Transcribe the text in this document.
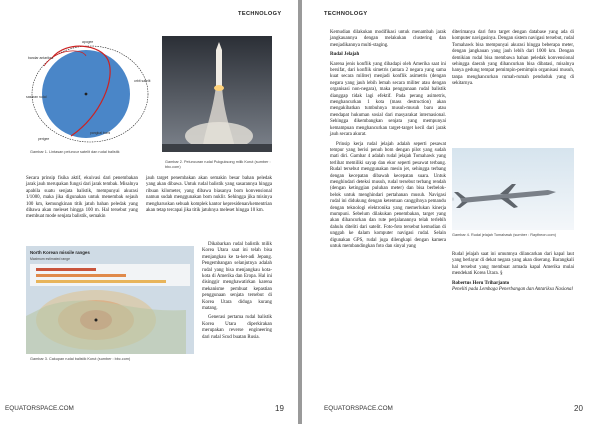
TECHNOLOGY
apogee
bandar antariksa
orbit satelit
sasaran rudal
perigee
pangkal bumi
Gambar 1. Lintasan peluncur satelit dan rudal balistik
Gambar 2. Peluncuran rudal Pukguksong milik Korut (sumber : bbc.com)

Secara prinsip fisika aktif, ekuivasi dari penembakan jarak jauh merupakan fungsi dari jarak tembak. Misalnya apabila suatu senjata balistik, mempunyai akurasi 1/1000, maka jika digunakan untuk menembak sejauh 100 km, kemungkinan titik jatuh bahan peledak yang dibawa akan meleset hingga 100 m. Hal tersebut yang membuat mode senjata balistik, semakin

jauh target penembakan akan semakin besar bahan peledak yang akan dibawa. Untuk rudal balistik yang sasarannya hingga ribuan kilometer, yang dibawa biasanya bom konvensional namun sudah menggunakan bom nuklir. Sehingga jika misinya mengharuskan sebuah komplek kantor kepresidenan/kementrian akan tetap tercapai jika titik jatuhnya meleset hingga 10 km.

Dikabarkan rudal balistik milik Korea Utara saat ini telah bisa menjangkau ke ta-ket-adi Jepang. Pengembangan selanjutnya adalah rudal yang bisa menjangkau kota-kota di Amerika dan Eropa. Hal ini disinggir menghawatirkan karena mekanisme pembuat kepastian penggunaan senjata tersebut di Korea Utara diduga kurang matang.

Generasi pertama rudal balistik Korea Utara diperkirakan merupakan reverse engineering dari rudal Scud buatan Rusia.

North Korean missile ranges
Maximum estimated range
Gambar 3. Cakupan rudal balistik Korut (sumber : bbc.com)
EQUATORSPACE.COM	19
TECHNOLOGY

Kemudian dilakukan modifikasi untuk menambah jarak jangkauannya dengan melakukan clustering dan menjadikannya multi-staging.

Rudal Jelajah

Karena jenis konflik yang dihadapi oleh Amerika saat ini bersifat, dari konflik simetris (antara 2 negara yang sama kuat secara militer) menjadi konflik asimetris (dengan negara yang jauh lebih lemah secara militer atau dengan organisasi non-negara), maka penggunaan rudal balistik dianggap tidak lagi efektif. Pada perang asimetris, menghancurkan 1 kota (mass destruction) akan mengakibatkan tumbuhnya musuh-musuh baru atau mendapat hukuman sosial dari masyarakat internasional. Sehingga dikembangkan senjata yang mempunyai kemampuan menghancurkan target-target kecil dari jarak jauh secara akurat.

Prinsip kerja rudal jelajah adalah seperti pesawat tempur yang berisi penuh bom dengan pilot yang sudah mati diri. Gambar 4 adalah rudal jelajah Tomahawk yang terlihat memiliki sayap dan ekor seperti pesawat terbang. Rudal tersebut menggunakan mesin jet, sehingga terbang dengan kecepatan dibawah kecepatan suara. Untuk menghindari deteksi musuh, rudal tersebut terbang rendah (dengan ketinggian puluhan meter) dan bisa berbelok-belok untuk menghindari pertahanan musuh. Navigasi rudal ini didukung dengan ketentuan canggihnya pemandu dengan teknologi elektronika yang memerlukan kinerja mumpuni. Sebelum dilakukan penembakan, target yang akan dihancurkan dan rute perjalanannya telah terlebih dahulu diteliti dari satelit. Foto-foto tersebut kemudian di unggah ke dalam komputer navigasi rudal. Selain digunakan GPS, rudal juga dilengkapi dengan kamera untuk membandingkan foto dan sinyal yang

diterimanya dari foto target dengan database yang ada di komputer navigasinya. Dengan sistem navigasi tersebut, rudal Tomahawk bisa mempunyai akurasi hingga beberapa meter, dengan jangkauan yang jauh lebih dari 1000 km. Dengan demikian rudal bisa membawa bahan peledak konvensional sehingga daerah yang dihancurkan bisa dibatasi, misalnya hanya gedung tempat pemimpin-pemimpin organisasi musuh, tanpa menghancurkan rumah-rumah penduduk yang di sekitarnya.

Gambar 4. Rudal jelajah Tomahawk (sumber : Raytheon.com)

Rudal jelajah saat ini umumnya dilancarkan dari kapal laut yang berlayar di dekat negara yang akan diserang. Barangkali hal tersebut yang membuat armada kapal Amerika mulai mendekati Korea Utara. §

Robertus Heru Triharjanto

Peneliti pada Lembaga Penerbangan dan Antariksa Nasional

EQUATORSPACE.COM	20
